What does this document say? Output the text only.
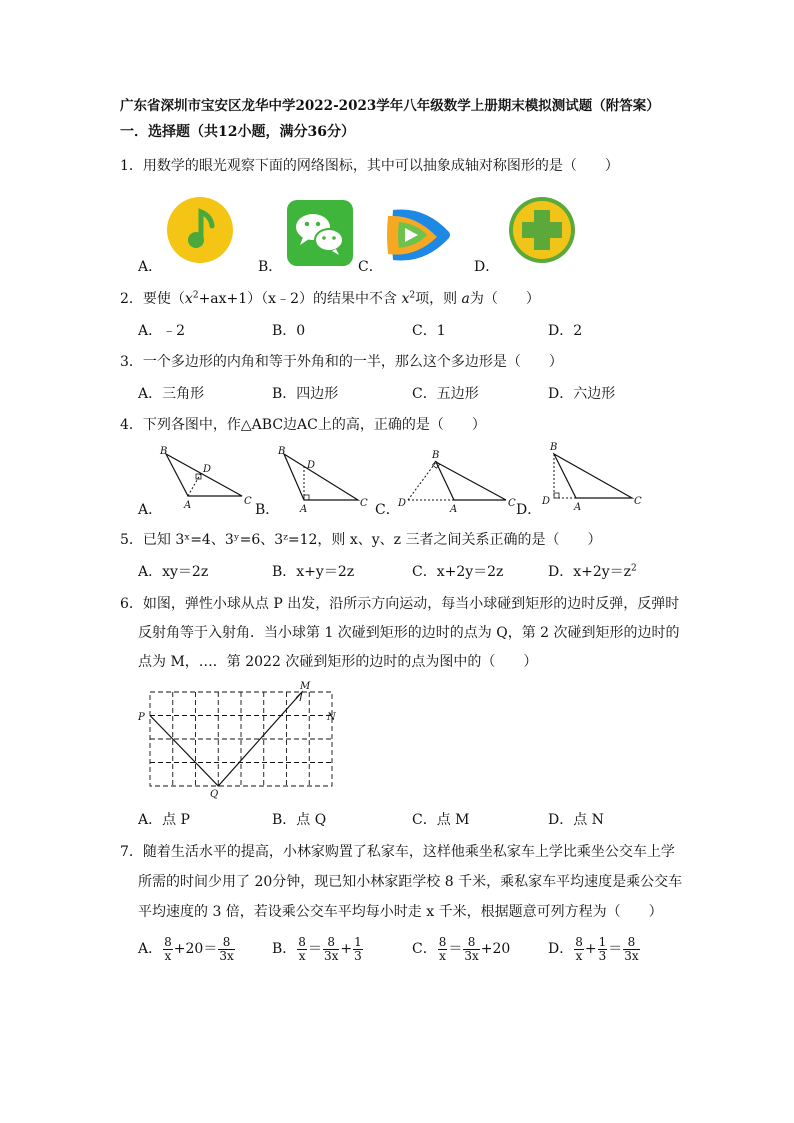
广东省深圳市宝安区龙华中学2022-2023学年八年级数学上册期末模拟测试题（附答案）
一．选择题（共12小题，满分36分）
1．用数学的眼光观察下面的网络图标，其中可以抽象成轴对称图形的是（　　）
A．	B．	C．	D．
2．要使$(x^2+ax+1)(x﹣2)$的结果中不含 $x^2$项，则 a为（　　）
A．﹣2	B．0	C．1	D．2
3．一个多边形的内角和等于外角和的一半，那么这个多边形是（　　）
A．三角形	B．四边形	C．五边形	D．六边形
4．下列各图中，作△ABC边AC上的高，正确的是（　　）
A．	B．	C．	D．
B
D
A	C
B
D
A
C
B
D
A
C
B
D
A
C
5．已知 3ˣ=4、3ʸ=6、3ᶻ=12，则 x、y、z 三者之间关系正确的是（　　）
A．xy＝2z	B．x+y＝2z	C．x+2y＝2z	D．$x+2y=z^2$
6．如图，弹性小球从点 P 出发，沿所示方向运动，每当小球碰到矩形的边时反弹，反弹时
反射角等于入射角．当小球第 1 次碰到矩形的边时的点为 Q，第 2 次碰到矩形的边时的
点为 M，…．第 2022 次碰到矩形的边时的点为图中的（　　）
P
Q
M
N
A．点 P	B．点 Q	C．点 M	D．点 N
7．随着生活水平的提高，小林家购置了私家车，这样他乘坐私家车上学比乘坐公交车上学
所需的时间少用了 20分钟，现已知小林家距学校 8 千米，乘私家车平均速度是乘公交车
平均速度的 3 倍，若设乘公交车平均每小时走 x 千米，根据题意可列方程为（　　）
A． $\frac{8}{x} +20= \frac{8}{3x}$	B． $\frac{8}{x} = \frac{8}{3x} + \frac{1}{3}$	C． $\frac{8}{x} = \frac{8}{3x} +20$	D． $\frac{8}{x} + \frac{1}{3} = \frac{8}{3x}$
